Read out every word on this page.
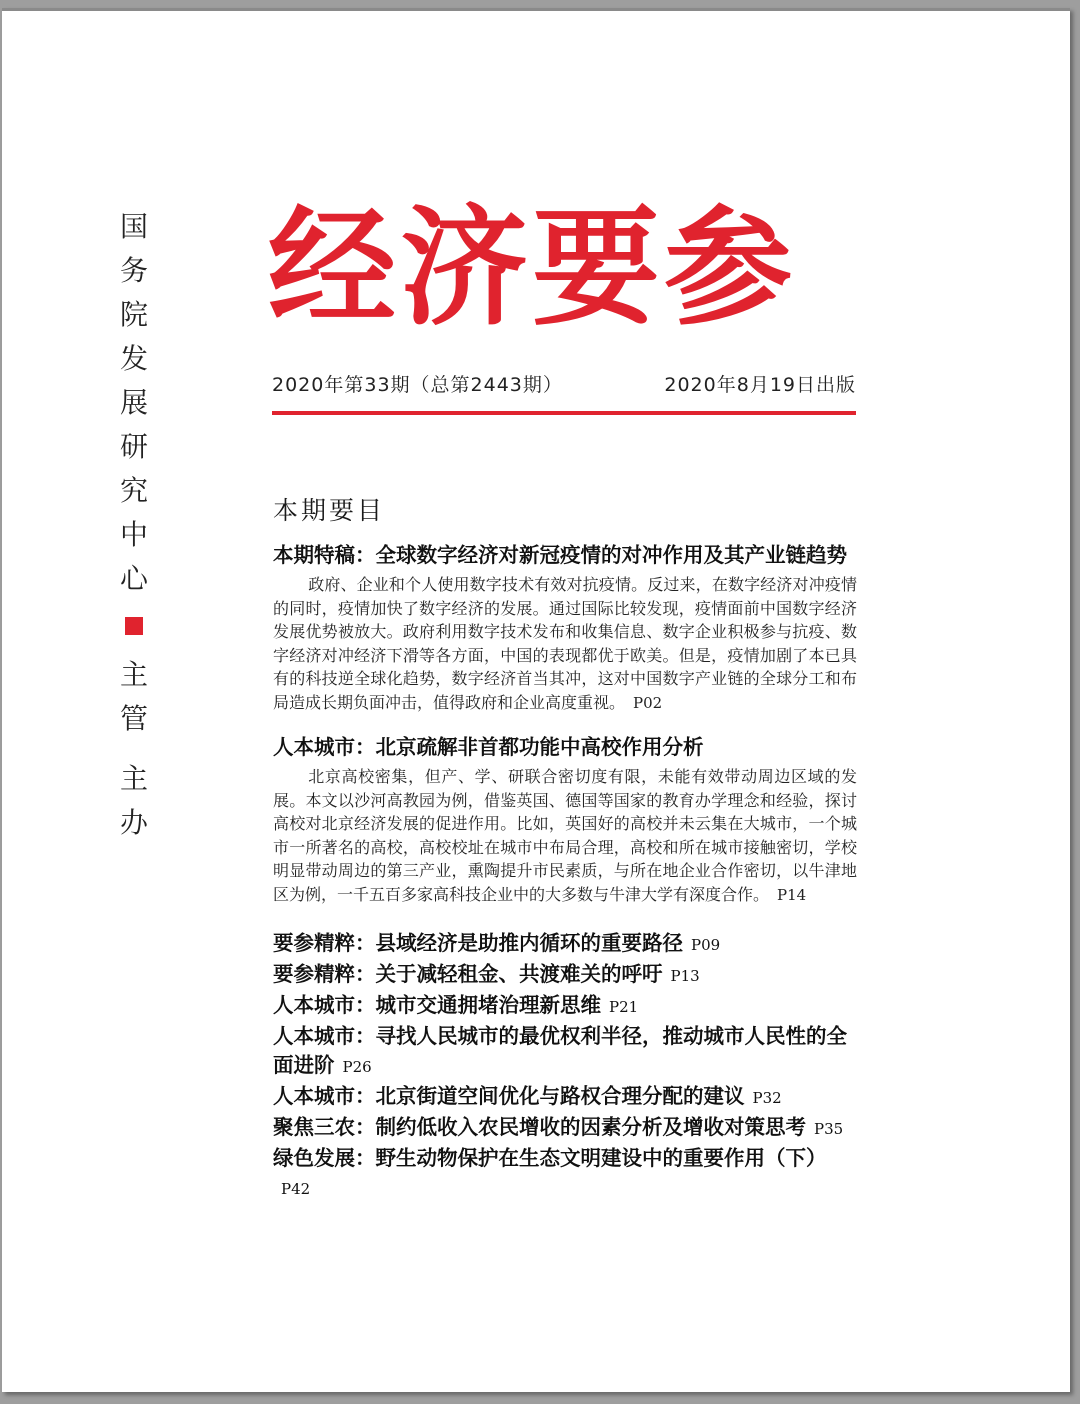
国
务
院
发
展
研
究
中
心
主
管
主
办
经济要参
2020年第33期（总第2443期）	2020年8月19日出版
本期要目
本期特稿：全球数字经济对新冠疫情的对冲作用及其产业链趋势
政府、企业和个人使用数字技术有效对抗疫情。反过来，在数字经济对冲疫情的同时，疫情加快了数字经济的发展。通过国际比较发现，疫情面前中国数字经济发展优势被放大。政府利用数字技术发布和收集信息、数字企业积极参与抗疫、数字经济对冲经济下滑等各方面，中国的表现都优于欧美。但是，疫情加剧了本已具有的科技逆全球化趋势，数字经济首当其冲，这对中国数字产业链的全球分工和布局造成长期负面冲击，值得政府和企业高度重视。 P02
人本城市：北京疏解非首都功能中高校作用分析
北京高校密集，但产、学、研联合密切度有限，未能有效带动周边区域的发展。本文以沙河高教园为例，借鉴英国、德国等国家的教育办学理念和经验，探讨高校对北京经济发展的促进作用。比如，英国好的高校并未云集在大城市，一个城市一所著名的高校，高校校址在城市中布局合理，高校和所在城市接触密切，学校明显带动周边的第三产业，熏陶提升市民素质，与所在地企业合作密切，以牛津地区为例，一千五百多家高科技企业中的大多数与牛津大学有深度合作。 P14
要参精粹：县域经济是助推内循环的重要路径 P09
要参精粹：关于减轻租金、共渡难关的呼吁 P13
人本城市：城市交通拥堵治理新思维 P21
人本城市：寻找人民城市的最优权利半径，推动城市人民性的全面进阶 P26
人本城市：北京街道空间优化与路权合理分配的建议 P32
聚焦三农：制约低收入农民增收的因素分析及增收对策思考 P35
绿色发展：野生动物保护在生态文明建设中的重要作用（下）P42
